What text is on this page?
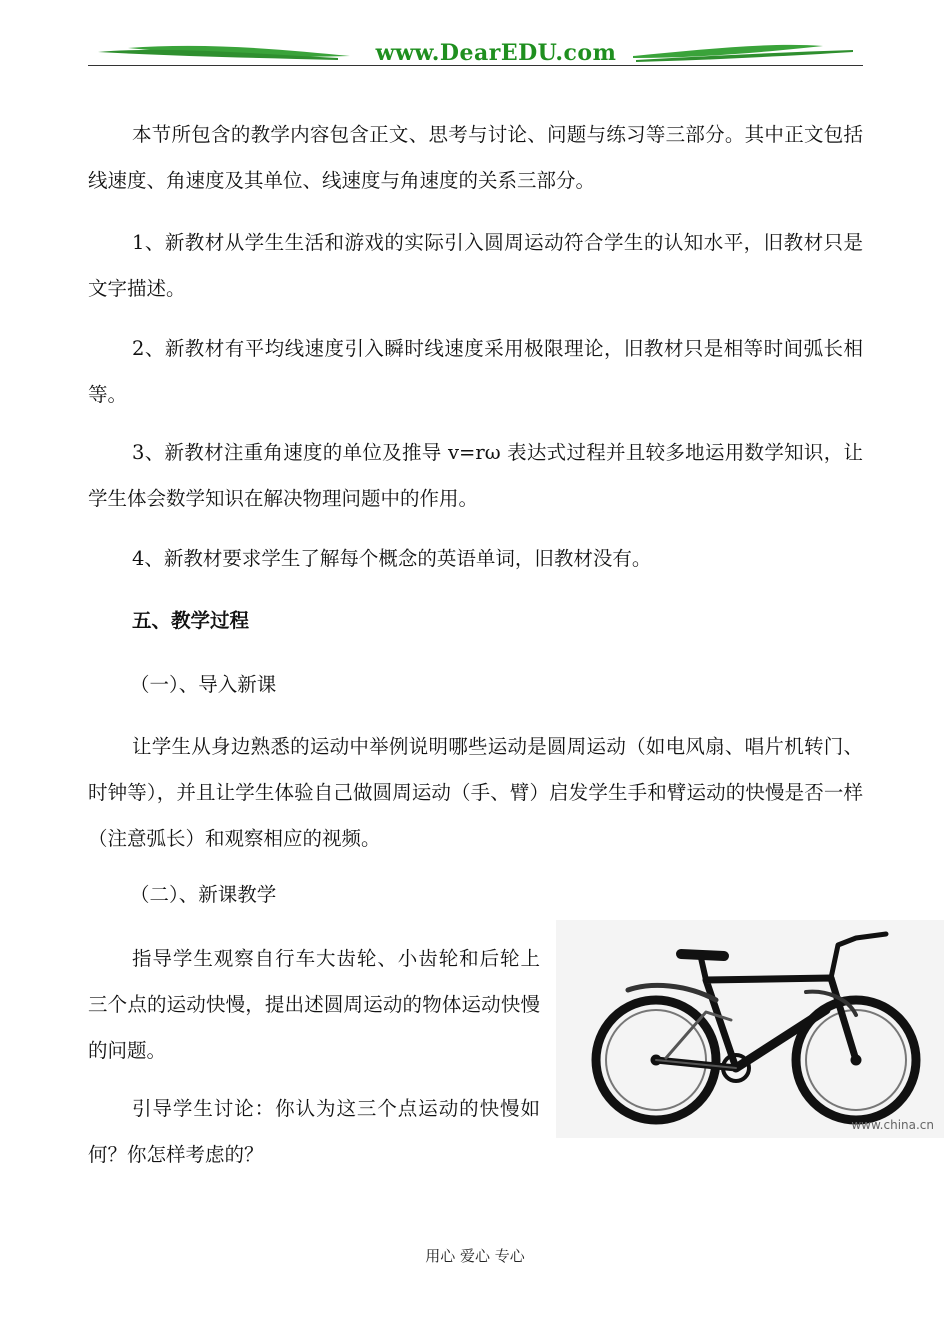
www.DearEDU.com

本节所包含的教学内容包含正文、思考与讨论、问题与练习等三部分。其中正文包括线速度、角速度及其单位、线速度与角速度的关系三部分。

1、新教材从学生生活和游戏的实际引入圆周运动符合学生的认知水平，旧教材只是文字描述。

2、新教材有平均线速度引入瞬时线速度采用极限理论，旧教材只是相等时间弧长相等。

3、新教材注重角速度的单位及推导 v=rω 表达式过程并且较多地运用数学知识，让学生体会数学知识在解决物理问题中的作用。

4、新教材要求学生了解每个概念的英语单词，旧教材没有。

五、教学过程

（一）、导入新课

让学生从身边熟悉的运动中举例说明哪些运动是圆周运动（如电风扇、唱片机转门、时钟等），并且让学生体验自己做圆周运动（手、臂）启发学生手和臂运动的快慢是否一样（注意弧长）和观察相应的视频。

（二）、新课教学

指导学生观察自行车大齿轮、小齿轮和后轮上三个点的运动快慢，提出述圆周运动的物体运动快慢的问题。

引导学生讨论：你认为这三个点运动的快慢如何？你怎样考虑的？

www.china.cn
用心 爱心 专心
